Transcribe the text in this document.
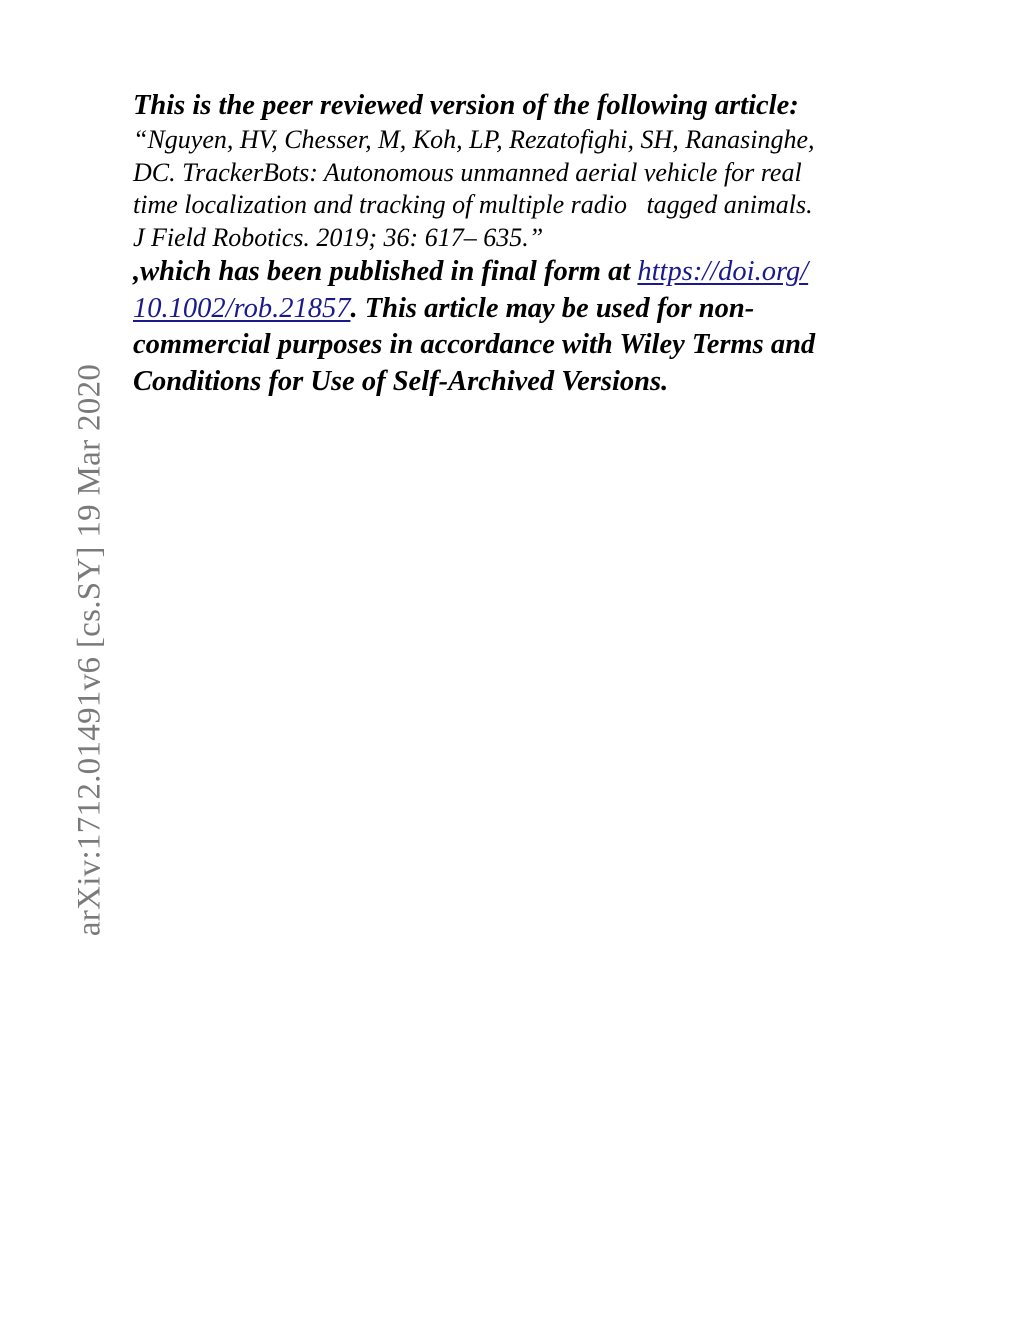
arXiv:1712.01491v6 [cs.SY] 19 Mar 2020

This is the peer reviewed version of the following article:

“Nguyen, HV, Chesser, M, Koh, LP, Rezatofighi, SH, Ranasinghe,
DC. TrackerBots: Autonomous unmanned aerial vehicle for real
time localization and tracking of multiple radio   tagged animals.
J Field Robotics. 2019; 36: 617– 635.”
,which has been published in final form at https://doi.org/
10.1002/rob.21857. This article may be used for non-
commercial purposes in accordance with Wiley Terms and
Conditions for Use of Self-Archived Versions.
